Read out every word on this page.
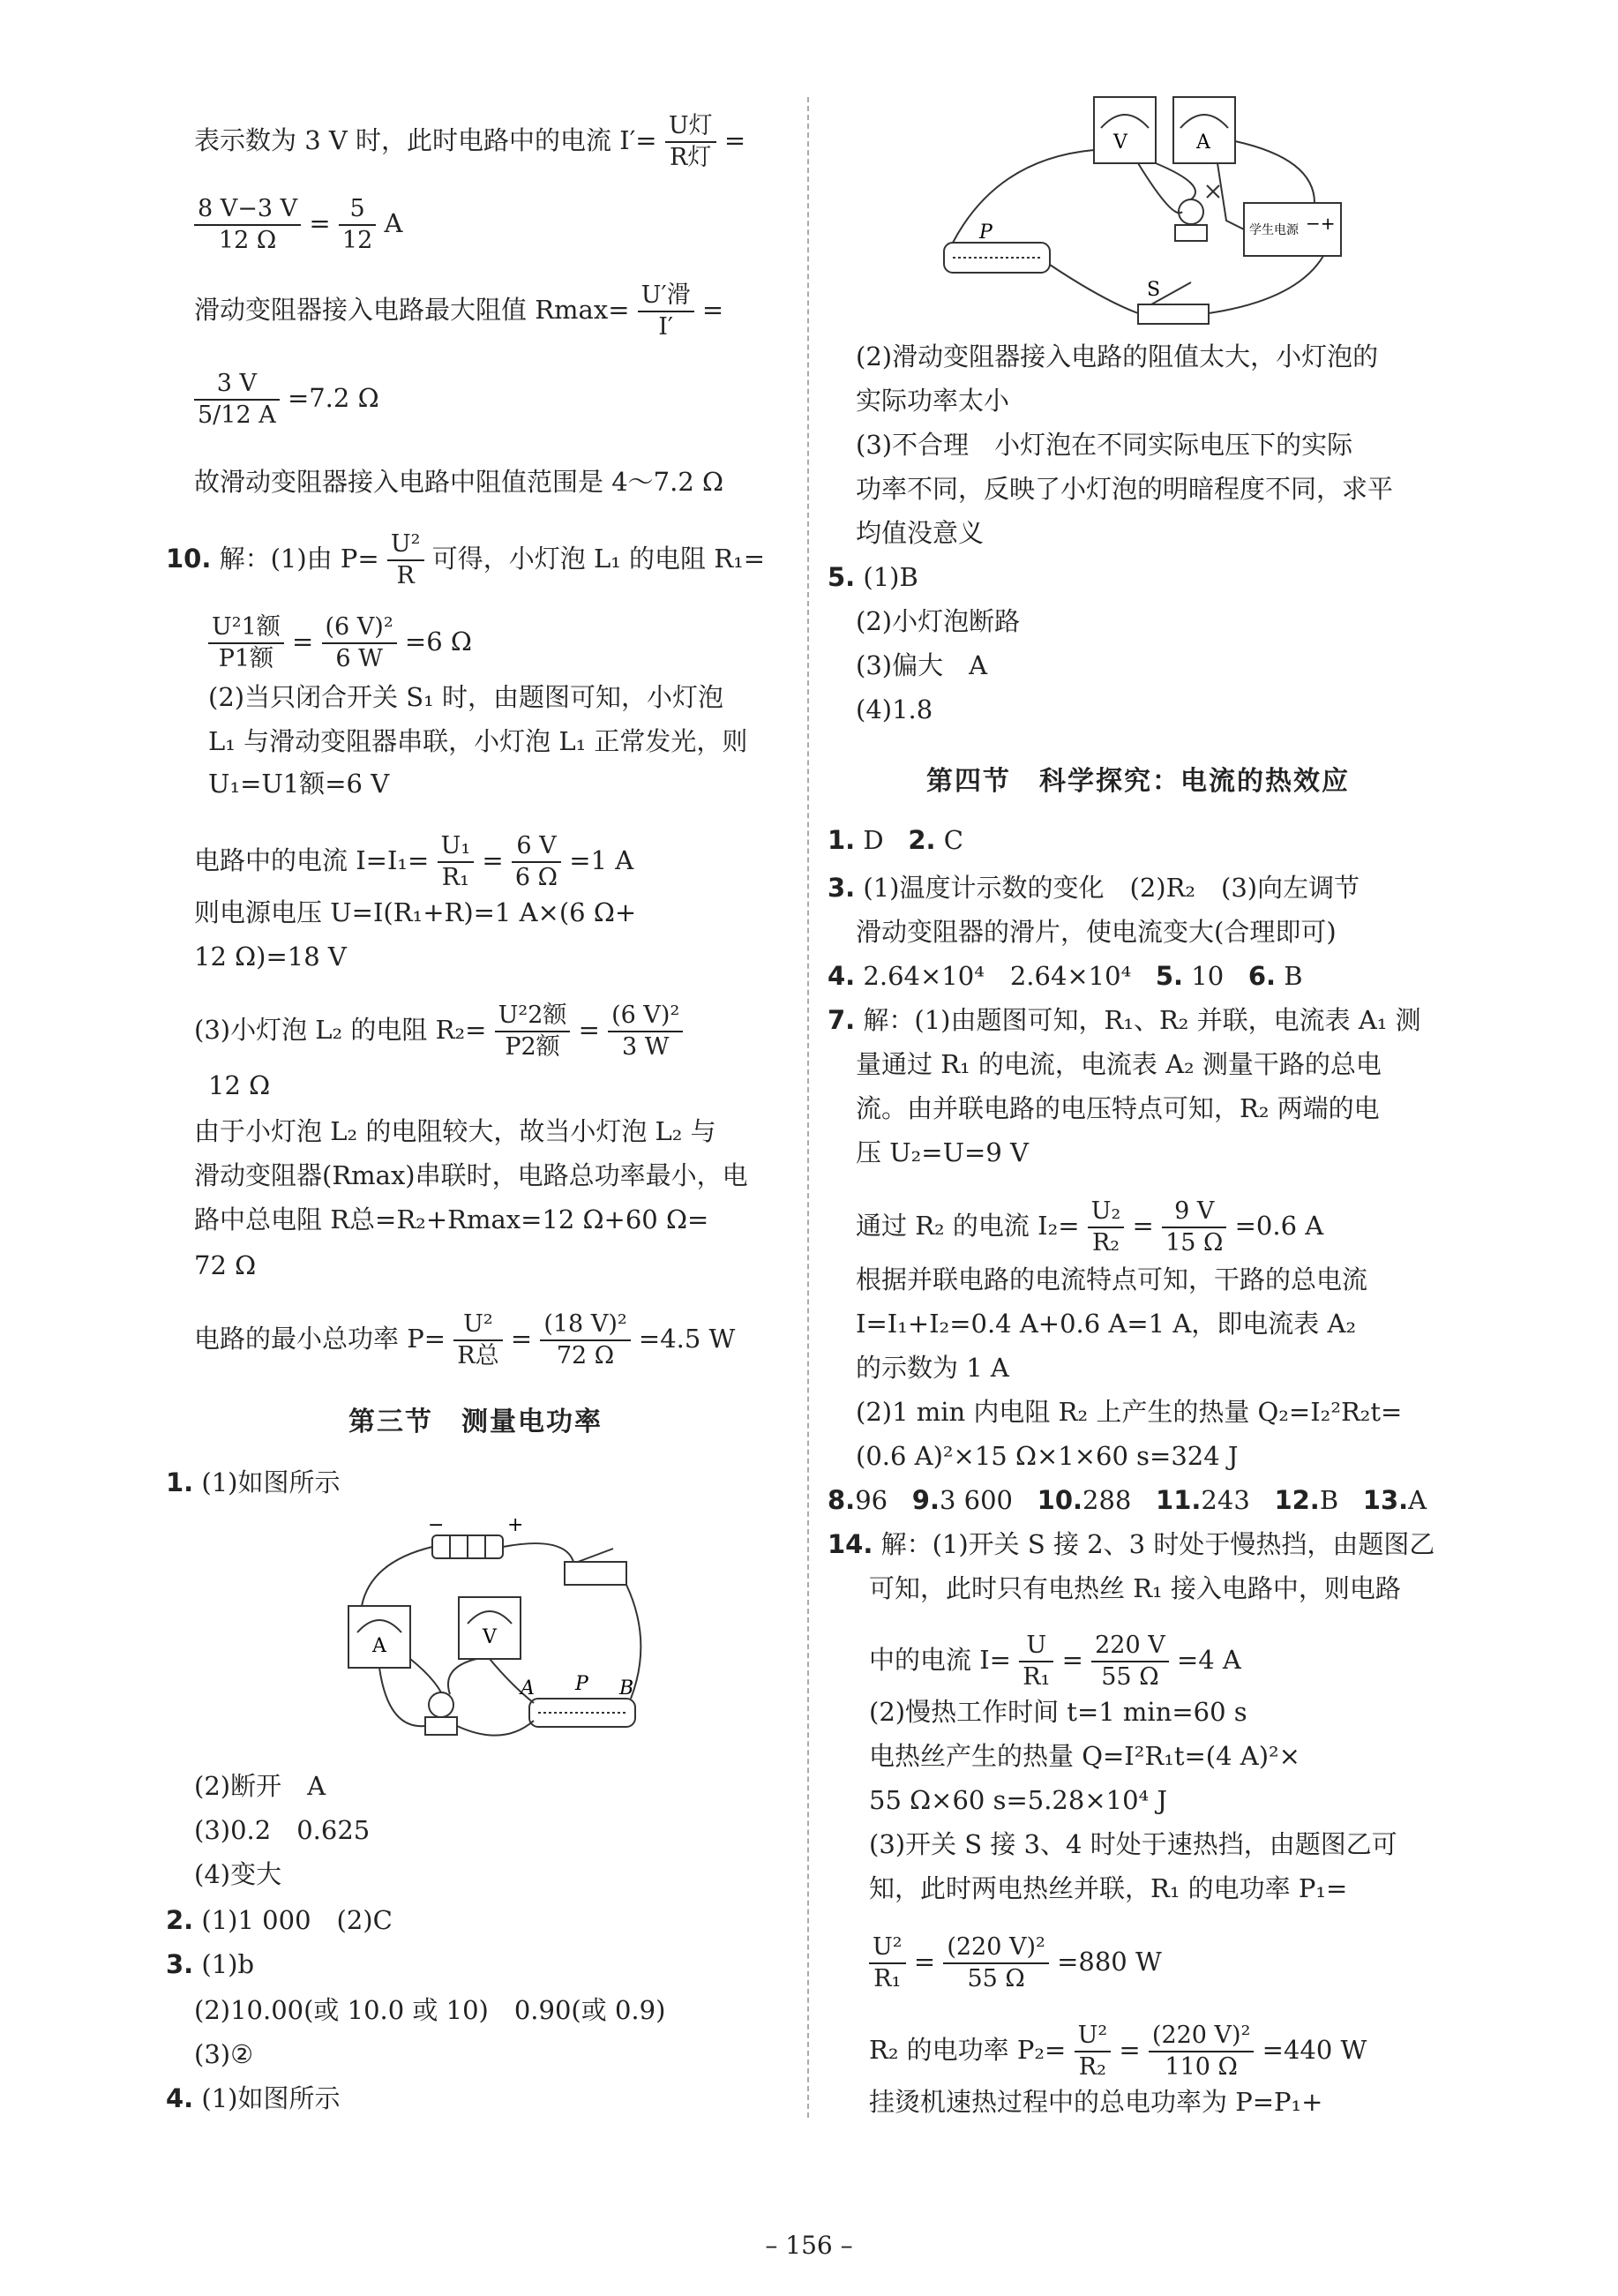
表示数为 3 V 时，此时电路中的电流 $I'= \frac{\text{U灯}}{\text{R灯}}$ =
$\frac{8 V-3 V}{12 \Omega} = \frac{5}{12}$ A
滑动变阻器接入电路最大阻值 $Rmax= \frac{\text{U′滑}}{I'}$ =
$\frac{3 V}{5/12 A} =7.2$ Ω
故滑动变阻器接入电路中阻值范围是 4～7.2 Ω
10. 解：(1)由 $P= \frac{\text{U²}}{R}$ 可得，小灯泡 L₁ 的电阻 R₁=
$\frac{\text{U²1额}}{\text{P1额}} = \frac{\text{(6 V)²}}{6 W} =6$ Ω
(2)当只闭合开关 S₁ 时，由题图可知，小灯泡
L₁ 与滑动变阻器串联，小灯泡 L₁ 正常发光，则
U₁=U1额=6 V
电路中的电流 $I=I_1= \frac{\text{U₁}}{\text{R₁}} = \frac{6 V}{6 \Omega} =1$ A
则电源电压 U=I(R₁+R)=1 A×(6 Ω+
12 Ω)=18 V
(3)小灯泡 L₂ 的电阻 $R_2= \frac{\text{U²2额}}{\text{P2额}} = \frac{\text{(6 V)²}}{3 W}$
12 Ω
由于小灯泡 L₂ 的电阻较大，故当小灯泡 L₂ 与
滑动变阻器(Rmax)串联时，电路总功率最小，电
路中总电阻 R总=R₂+Rmax=12 Ω+60 Ω=
72 Ω
电路的最小总功率 $P= \frac{\text{U²}}{\text{R总}} = \frac{\text{(18 V)²}}{72 \Omega} =4.5$ W
第三节　测量电功率
1. (1)如图所示
−	+
A	V
A P B
(2)断开　A
(3)0.2　0.625
(4)变大
2. (1)1 000　(2)C
3. (1)b
(2)10.00(或 10.0 或 10)　0.90(或 0.9)
(3)②
4. (1)如图所示
V	A
P
S
学生电源 −+
(2)滑动变阻器接入电路的阻值太大，小灯泡的
实际功率太小
(3)不合理　小灯泡在不同实际电压下的实际
功率不同，反映了小灯泡的明暗程度不同，求平
均值没意义
5. (1)B
(2)小灯泡断路
(3)偏大　A
(4)1.8
第四节　科学探究：电流的热效应
1. D 2. C
3. (1)温度计示数的变化　(2)R₂　(3)向左调节
滑动变阻器的滑片，使电流变大(合理即可)
4. 2.64×10⁴　2.64×10⁴ 5. 10 6. B
7. 解：(1)由题图可知，R₁、R₂ 并联，电流表 A₁ 测
量通过 R₁ 的电流，电流表 A₂ 测量干路的总电
流。由并联电路的电压特点可知，R₂ 两端的电
压 U₂=U=9 V
通过 R₂ 的电流 $I_2= \frac{\text{U₂}}{\text{R₂}} = \frac{9 V}{15 \Omega} =0.6$ A
根据并联电路的电流特点可知，干路的总电流
I=I₁+I₂=0.4 A+0.6 A=1 A，即电流表 A₂
的示数为 1 A
(2)1 min 内电阻 R₂ 上产生的热量 Q₂=I₂²R₂t=
(0.6 A)²×15 Ω×1×60 s=324 J
8.96 9.3 600 10.288 11.243 12.B 13.A
14. 解：(1)开关 S 接 2、3 时处于慢热挡，由题图乙
可知，此时只有电热丝 R₁ 接入电路中，则电路
中的电流 $I= \frac{U}{\text{R₁}} = \frac{220 V}{55 \Omega} =4$ A
(2)慢热工作时间 t=1 min=60 s
电热丝产生的热量 Q=I²R₁t=(4 A)²×
55 Ω×60 s=5.28×10⁴ J
(3)开关 S 接 3、4 时处于速热挡，由题图乙可
知，此时两电热丝并联，R₁ 的电功率 P₁=
$\frac{\text{U²}}{\text{R₁}} = \frac{\text{(220 V)²}}{55 \Omega} =880$ W
R₂ 的电功率 $P_2= \frac{\text{U²}}{\text{R₂}} = \frac{\text{(220 V)²}}{110 \Omega} =440$ W
挂烫机速热过程中的总电功率为 P=P₁+
– 156 –
